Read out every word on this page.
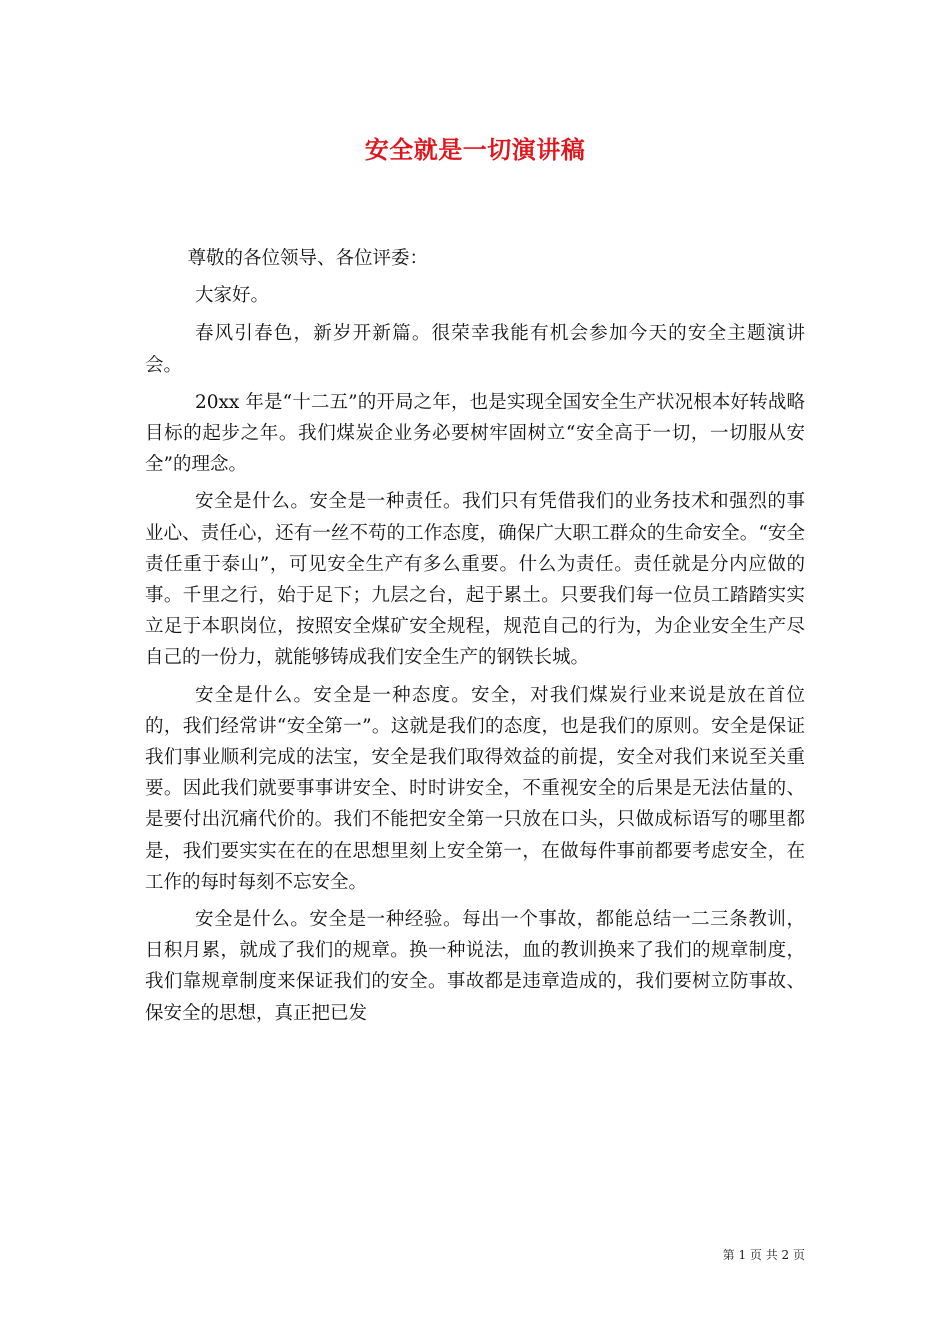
安全就是一切演讲稿

尊敬的各位领导、各位评委：

大家好。

春风引春色，新岁开新篇。很荣幸我能有机会参加今天的安全主题演讲会。

20xx 年是“十二五”的开局之年，也是实现全国安全生产状况根本好转战略目标的起步之年。我们煤炭企业务必要树牢固树立“安全高于一切，一切服从安全”的理念。

安全是什么。安全是一种责任。我们只有凭借我们的业务技术和强烈的事业心、责任心，还有一丝不苟的工作态度，确保广大职工群众的生命安全。“安全责任重于泰山”，可见安全生产有多么重要。什么为责任。责任就是分内应做的事。千里之行，始于足下；九层之台，起于累土。只要我们每一位员工踏踏实实立足于本职岗位，按照安全煤矿安全规程，规范自己的行为，为企业安全生产尽自己的一份力，就能够铸成我们安全生产的钢铁长城。

安全是什么。安全是一种态度。安全，对我们煤炭行业来说是放在首位的，我们经常讲“安全第一”。这就是我们的态度，也是我们的原则。安全是保证我们事业顺利完成的法宝，安全是我们取得效益的前提，安全对我们来说至关重要。因此我们就要事事讲安全、时时讲安全，不重视安全的后果是无法估量的、是要付出沉痛代价的。我们不能把安全第一只放在口头，只做成标语写的哪里都是，我们要实实在在的在思想里刻上安全第一，在做每件事前都要考虑安全，在工作的每时每刻不忘安全。

安全是什么。安全是一种经验。每出一个事故，都能总结一二三条教训，日积月累，就成了我们的规章。换一种说法，血的教训换来了我们的规章制度，我们靠规章制度来保证我们的安全。事故都是违章造成的，我们要树立防事故、保安全的思想，真正把已发

第 1 页 共 2 页
